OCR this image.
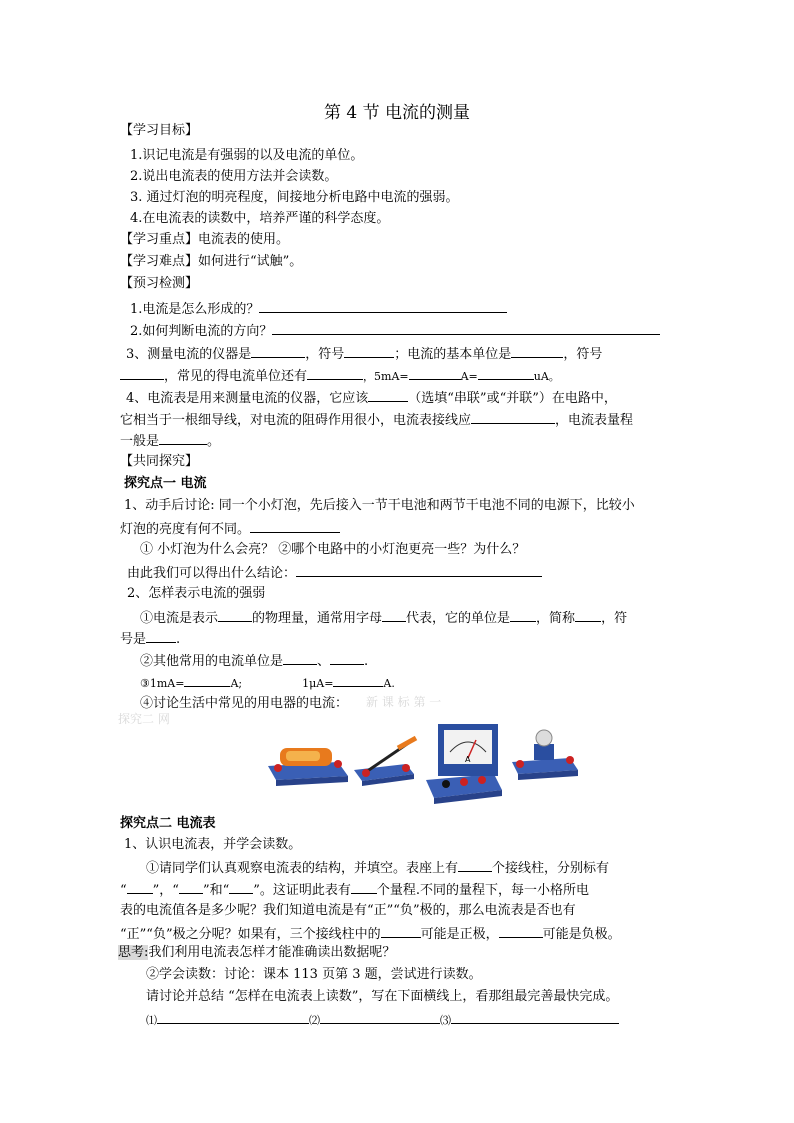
第 4 节 电流的测量
【学习目标】
1.识记电流是有强弱的以及电流的单位。
2.说出电流表的使用方法并会读数。
3. 通过灯泡的明亮程度，间接地分析电路中电流的强弱。
4.在电流表的读数中，培养严谨的科学态度。
【学习重点】电流表的使用。
【学习难点】如何进行“试触”。
【预习检测】
1.电流是怎么形成的？
2.如何判断电流的方向？
3、测量电流的仪器是	，符号	；电流的基本单位是	，符号
，常见的得电流单位还有	，5mA=	A=	uA。
4、电流表是用来测量电流的仪器，它应该	（选填“串联”或“并联”）在电路中，
它相当于一根细导线，对电流的阻碍作用很小，电流表接线应	，电流表量程
一般是	。
【共同探究】
探究点一 电流
1、动手后讨论: 同一个小灯泡，先后接入一节干电池和两节干电池不同的电源下，比较小
灯泡的亮度有何不同。
① 小灯泡为什么会亮？ ②哪个电路中的小灯泡更亮一些？为什么？
由此我们可以得出什么结论：
2、怎样表示电流的强弱
①电流是表示	的物理量，通常用字母 代表，它的单位是 ，简称 ，符
号是 .
②其他常用的电流单位是	、	.
③1mA=	A;	1μA=	A.
④讨论生活中常见的用电器的电流： 新 课 标 第 一
探究二 网
A
探究点二 电流表
1、认识电流表，并学会读数。
①请同学们认真观察电流表的结构，并填空。表座上有	个接线柱，分别标有
“ ”，“ ”和“ ”。这证明此表有 个量程.不同的量程下，每一小格所电
表的电流值各是多少呢？我们知道电流是有“正”“负”极的，那么电流表是否也有
“正”“负”极之分呢？如果有，三个接线柱中的	可能是正极，	可能是负极。
思考:我们利用电流表怎样才能准确读出数据呢？
②学会读数：讨论：课本 113 页第 3 题，尝试进行读数。
请讨论并总结 “怎样在电流表上读数”，写在下面横线上，看那组最完善最快完成。
⑴	⑵	⑶
